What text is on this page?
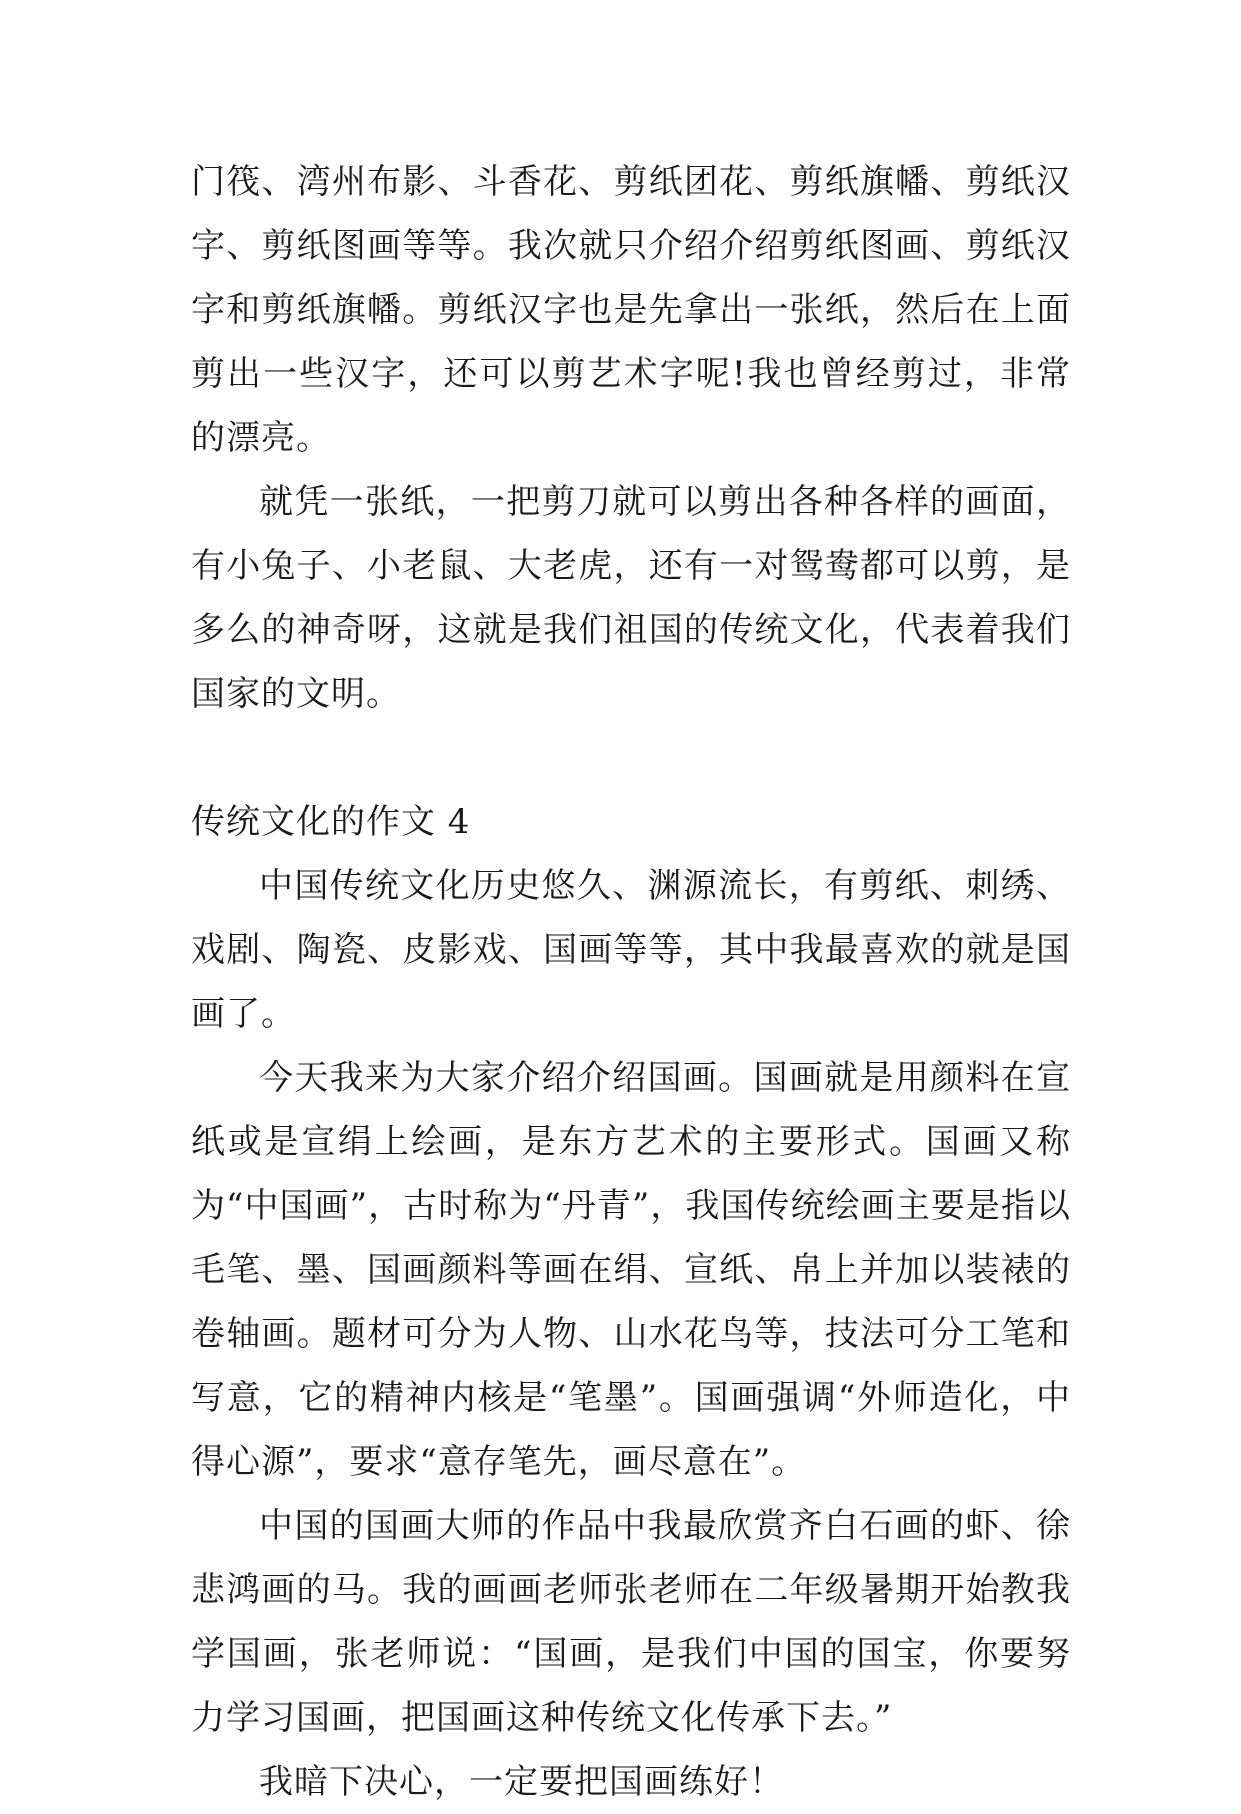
门筏、湾州布影、斗香花、剪纸团花、剪纸旗幡、剪纸汉字、剪纸图画等等。我次就只介绍介绍剪纸图画、剪纸汉字和剪纸旗幡。剪纸汉字也是先拿出一张纸，然后在上面剪出一些汉字，还可以剪艺术字呢!我也曾经剪过，非常的漂亮。

就凭一张纸，一把剪刀就可以剪出各种各样的画面，有小兔子、小老鼠、大老虎，还有一对鸳鸯都可以剪，是多么的神奇呀，这就是我们祖国的传统文化，代表着我们国家的文明。

传统文化的作文 4

中国传统文化历史悠久、渊源流长，有剪纸、刺绣、戏剧、陶瓷、皮影戏、国画等等，其中我最喜欢的就是国画了。

今天我来为大家介绍介绍国画。国画就是用颜料在宣纸或是宣绢上绘画，是东方艺术的主要形式。国画又称为“中国画”，古时称为“丹青”，我国传统绘画主要是指以毛笔、墨、国画颜料等画在绢、宣纸、帛上并加以装裱的卷轴画。题材可分为人物、山水花鸟等，技法可分工笔和写意，它的精神内核是“笔墨”。国画强调“外师造化，中得心源”，要求“意存笔先，画尽意在”。

中国的国画大师的作品中我最欣赏齐白石画的虾、徐悲鸿画的马。我的画画老师张老师在二年级暑期开始教我学国画，张老师说：“国画，是我们中国的国宝，你要努力学习国画，把国画这种传统文化传承下去。”

我暗下决心，一定要把国画练好！
